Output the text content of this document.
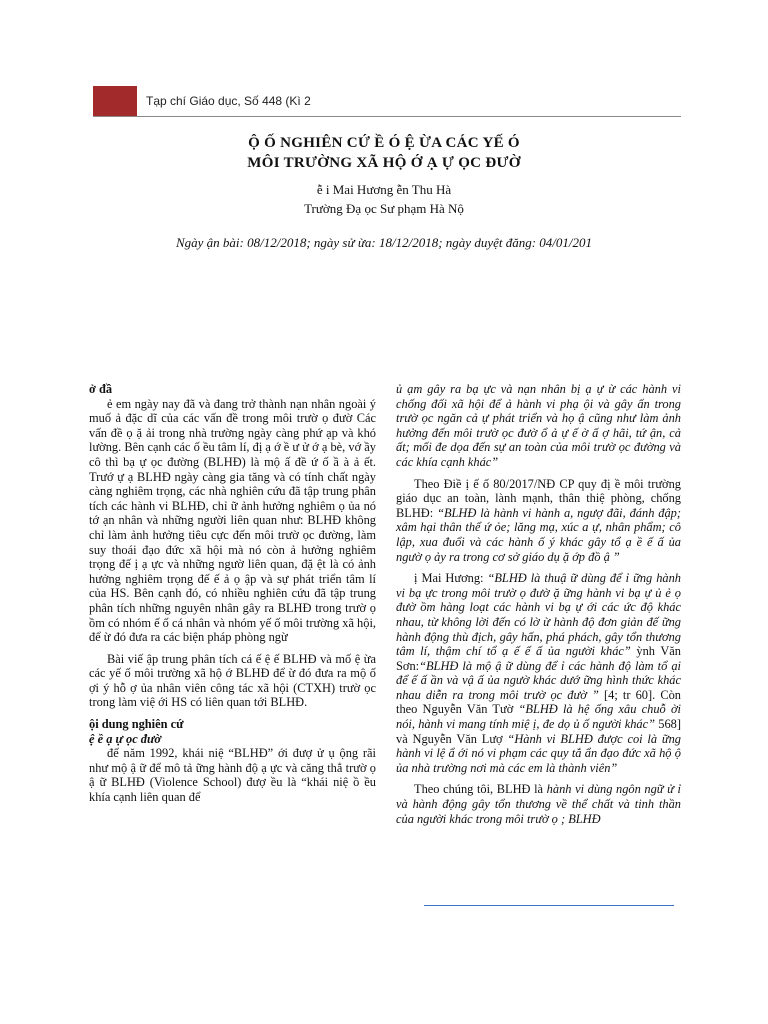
Tạp chí Giáo dục, Số 448 (Kì 2
Ộ Ố NGHIÊN CỨ Ề Ó Ệ ỪA CÁC YẾ Ó
MÔI TRƯỜNG XÃ HỘ Ớ Ạ Ự ỌC ĐƯỜ
ễ i Mai Hương ễn Thu Hà
Trường Đạ ọc Sư phạm Hà Nộ
Ngày ận bài: 08/12/2018; ngày sử ừa: 18/12/2018; ngày duyệt đăng: 04/01/201

ở đầ

ẻ em ngày nay đã và đang trở thành nạn nhân ngoài ý muố ả đặc dĩ của các vấn đề trong môi trườ ọ đườ Các vấn đề ọ ặ ải trong nhà trường ngày càng phứ ạp và khó lường. Bên cạnh các ố ều tâm lí, đị ạ ớ ề ư ử ớ ạ bè, vớ ầy cô thì bạ ự ọc đường (BLHĐ) là mộ ấ đề ứ ố ầ à ả ết. Trướ ự ạ BLHĐ ngày càng gia tăng và có tính chất ngày càng nghiêm trọng, các nhà nghiên cứu đã tập trung phân tích các hành vi BLHĐ, chỉ ữ ảnh hưởng nghiêm ọ ủa nó tớ ạn nhân và những người liên quan như: BLHĐ không chỉ làm ảnh hưởng tiêu cực đến môi trườ ọc đường, làm suy thoái đạo đức xã hội mà nó còn ả hưởng nghiêm trọng đế ị ạ ực và những ngườ liên quan, đặ ệt là có ảnh hưởng nghiêm trọng đế ế ả ọ ập và sự phát triển tâm lí của HS. Bên cạnh đó, có nhiều nghiên cứu đã tập trung phân tích những nguyên nhân gây ra BLHĐ trong trườ ọ ồm có nhóm ế ố cá nhân và nhóm yế ố môi trường xã hội, để ừ đó đưa ra các biện pháp phòng ngừ

Bài viế ập trung phân tích cá ế ệ ế BLHĐ và mố ệ ừa các yế ố môi trường xã hộ ớ BLHĐ để ừ đó đưa ra mộ ố ợi ý hỗ ợ ủa nhân viên công tác xã hội (CTXH) trườ ọc trong làm việ ới HS có liên quan tới BLHĐ.

ội dung nghiên cứ

ệ ề ạ ự ọc đườ

đế năm 1992, khái niệ “BLHĐ” ới đượ ử ụ ộng rãi như mộ ậ ữ để mô tả ững hành độ ạ ực và căng thẳ trườ ọ ậ ữ BLHĐ (Violence School) đượ ều là “khái niệ ồ ều khía cạnh liên quan để

ủ ạm gây ra bạ ực và nạn nhân bị ạ ự ừ các hành vi chống đối xã hội để ả hành vi phạ ội và gây ấn trong trườ ọc ngăn cả ự phát triển và họ ậ cũng như làm ảnh hưởng đến môi trườ ọc đườ ổ ả ự ế ờ ấ ợ hãi, tứ ận, cả ất; mối đe dọa đến sự an toàn của môi trườ ọc đường và các khía cạnh khác”

Theo Điề ị ế ố 80/2017/NĐ CP quy đị ề môi trường giáo dục an toàn, lành mạnh, thân thiệ phòng, chống BLHĐ: “BLHĐ là hành vi hành a, ngượ đãi, đánh đập; xâm hại thân thể ứ ỏe; lăng mạ, xúc a ự, nhân phẩm; cô lập, xua đuổi và các hành ố ý khác gây tổ ạ ề ế ấ ủa ngườ ọ ảy ra trong cơ sở giáo dụ ặ ớp đồ ậ ”

ị Mai Hương: “BLHĐ là thuậ ữ dùng để ỉ ững hành vi bạ ực trong môi trườ ọ đườ ặ ững hành vi bạ ự ủ ẻ ọ đườ ồm hàng loạt các hành vi bạ ự ới các ức độ khác nhau, từ không lời đến có lờ ừ hành độ đơn giản đế ững hành động thù địch, gây hấn, phá phách, gây tổn thương tâm lí, thậm chí tổ ạ ế ế ấ ủa người khác” ỳnh Văn Sơn:“BLHĐ là mộ ậ ữ dùng để ỉ các hành độ làm tổ ại để ế ấ ần và vậ ấ ủa ngườ khác dướ ững hình thức khác nhau diễn ra trong môi trườ ọc đườ ” [4; tr 60]. Còn theo Nguyễn Văn Tườ “BLHĐ là hệ ống xâu chuỗ ời nói, hành vi mang tính miệ ị, đe dọ ủ ố người khác” 568] và Nguyễn Văn Lượ “Hành vi BLHĐ được coi là ững hành vi lệ ẩ ới nó vi phạm các quy tắ ẩn đạo đức xã hộ ộ ủa nhà trường nơi mà các em là thành viên”

Theo chúng tôi, BLHĐ là hành vi dùng ngôn ngữ ử ỉ và hành động gây tổn thương về thể chất và tinh thần của người khác trong môi trườ ọ ; BLHĐ
